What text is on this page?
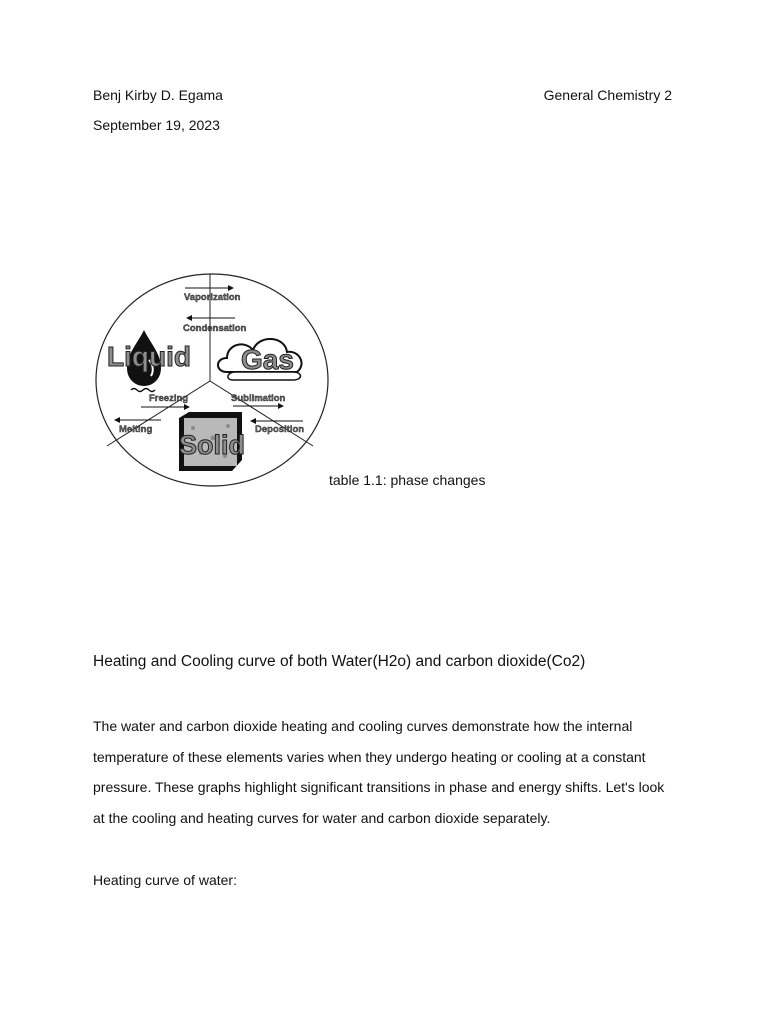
Benj Kirby D. Egama	General Chemistry 2
September 19, 2023
Liquid Gas
Solid
Vaporization
Condensation
Freezing
Melting
Sublimation
Deposition
table 1.1: phase changes
Heating and Cooling curve of both Water(H2o) and carbon dioxide(Co2)
The water and carbon dioxide heating and cooling curves demonstrate how the internal
temperature of these elements varies when they undergo heating or cooling at a constant
pressure. These graphs highlight significant transitions in phase and energy shifts. Let's look
at the cooling and heating curves for water and carbon dioxide separately.
Heating curve of water:
